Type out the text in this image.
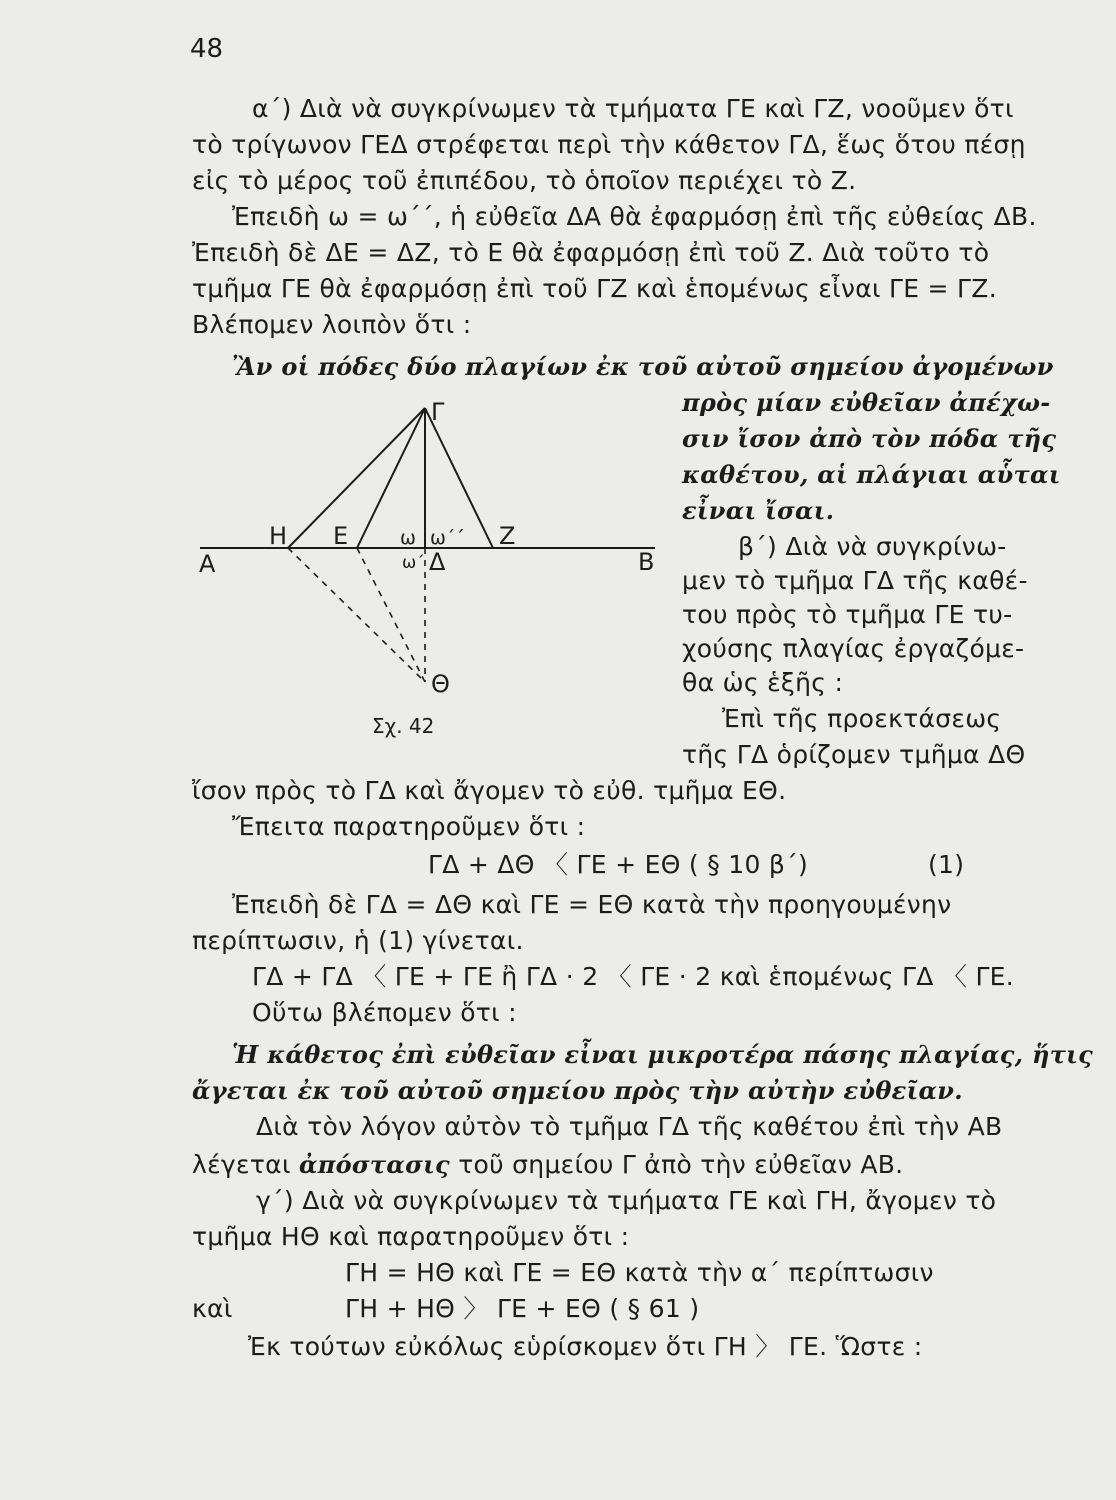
48
α΄) Διὰ νὰ συγκρίνωμεν τὰ τμήματα ΓΕ καὶ ΓΖ, νοοῦμεν ὅτι
τὸ τρίγωνον ΓΕΔ στρέφεται περὶ τὴν κάθετον ΓΔ, ἕως ὅτου πέσῃ
εἰς τὸ μέρος τοῦ ἐπιπέδου, τὸ ὁποῖον περιέχει τὸ Ζ.
Ἐπειδὴ ω = ω΄΄, ἡ εὐθεῖα ΔΑ θὰ ἐφαρμόσῃ ἐπὶ τῆς εὐθείας ΔΒ.
Ἐπειδὴ δὲ ΔΕ = ΔΖ, τὸ Ε θὰ ἐφαρμόσῃ ἐπὶ τοῦ Ζ. Διὰ τοῦτο τὸ
τμῆμα ΓΕ θὰ ἐφαρμόσῃ ἐπὶ τοῦ ΓΖ καὶ ἑπομένως εἶναι ΓΕ = ΓΖ.
Βλέπομεν λοιπὸν ὅτι :
Ἂν οἱ πόδες δύο πλαγίων ἐκ τοῦ αὐτοῦ σημείου ἀγομένων
πρὸς μίαν εὐθεῖαν ἀπέχω-
σιν ἴσον ἀπὸ τὸν πόδα τῆς
καθέτου, αἱ πλάγιαι αὗται
εἶναι ἴσαι.
β΄) Διὰ νὰ συγκρίνω-
μεν τὸ τμῆμα ΓΔ τῆς καθέ-
του πρὸς τὸ τμῆμα ΓΕ τυ-
χούσης πλαγίας ἐργαζόμε-
θα ὡς ἑξῆς :
Ἐπὶ τῆς προεκτάσεως
τῆς ΓΔ ὁρίζομεν τμῆμα ΔΘ
ἴσον πρὸς τὸ ΓΔ καὶ ἄγομεν τὸ εὐθ. τμῆμα ΕΘ.
Ἔπειτα παρατηροῦμεν ὅτι :
ΓΔ + ΔΘ 〈 ΓΕ + ΕΘ ( § 10 β΄)	(1)
Ἐπειδὴ δὲ ΓΔ = ΔΘ καὶ ΓΕ = ΕΘ κατὰ τὴν προηγουμένην
περίπτωσιν, ἡ (1) γίνεται.
ΓΔ + ΓΔ 〈 ΓΕ + ΓΕ ἢ ΓΔ · 2 〈 ΓΕ · 2 καὶ ἑπομένως ΓΔ 〈 ΓΕ.
Οὕτω βλέπομεν ὅτι :
Ἡ κάθετος ἐπὶ εὐθεῖαν εἶναι μικροτέρα πάσης πλαγίας, ἥτις
ἄγεται ἐκ τοῦ αὐτοῦ σημείου πρὸς τὴν αὐτὴν εὐθεῖαν.
Διὰ τὸν λόγον αὐτὸν τὸ τμῆμα ΓΔ τῆς καθέτου ἐπὶ τὴν ΑΒ
λέγεται ἀπόστασις τοῦ σημείου Γ ἀπὸ τὴν εὐθεῖαν ΑΒ.
γ΄) Διὰ νὰ συγκρίνωμεν τὰ τμήματα ΓΕ καὶ ΓΗ, ἄγομεν τὸ
τμῆμα ΗΘ καὶ παρατηροῦμεν ὅτι :
ΓΗ = ΗΘ καὶ ΓΕ = ΕΘ κατὰ τὴν α΄ περίπτωσιν
καὶ	ΓΗ + ΗΘ 〉 ΓΕ + ΕΘ ( § 61 )
Ἐκ τούτων εὐκόλως εὑρίσκομεν ὅτι ΓΗ 〉 ΓΕ. Ὥστε :
Α	Β
Γ
Δ
Ε
Η	Ζ
Θ
ω ω΄΄
ω΄
Σχ. 42
